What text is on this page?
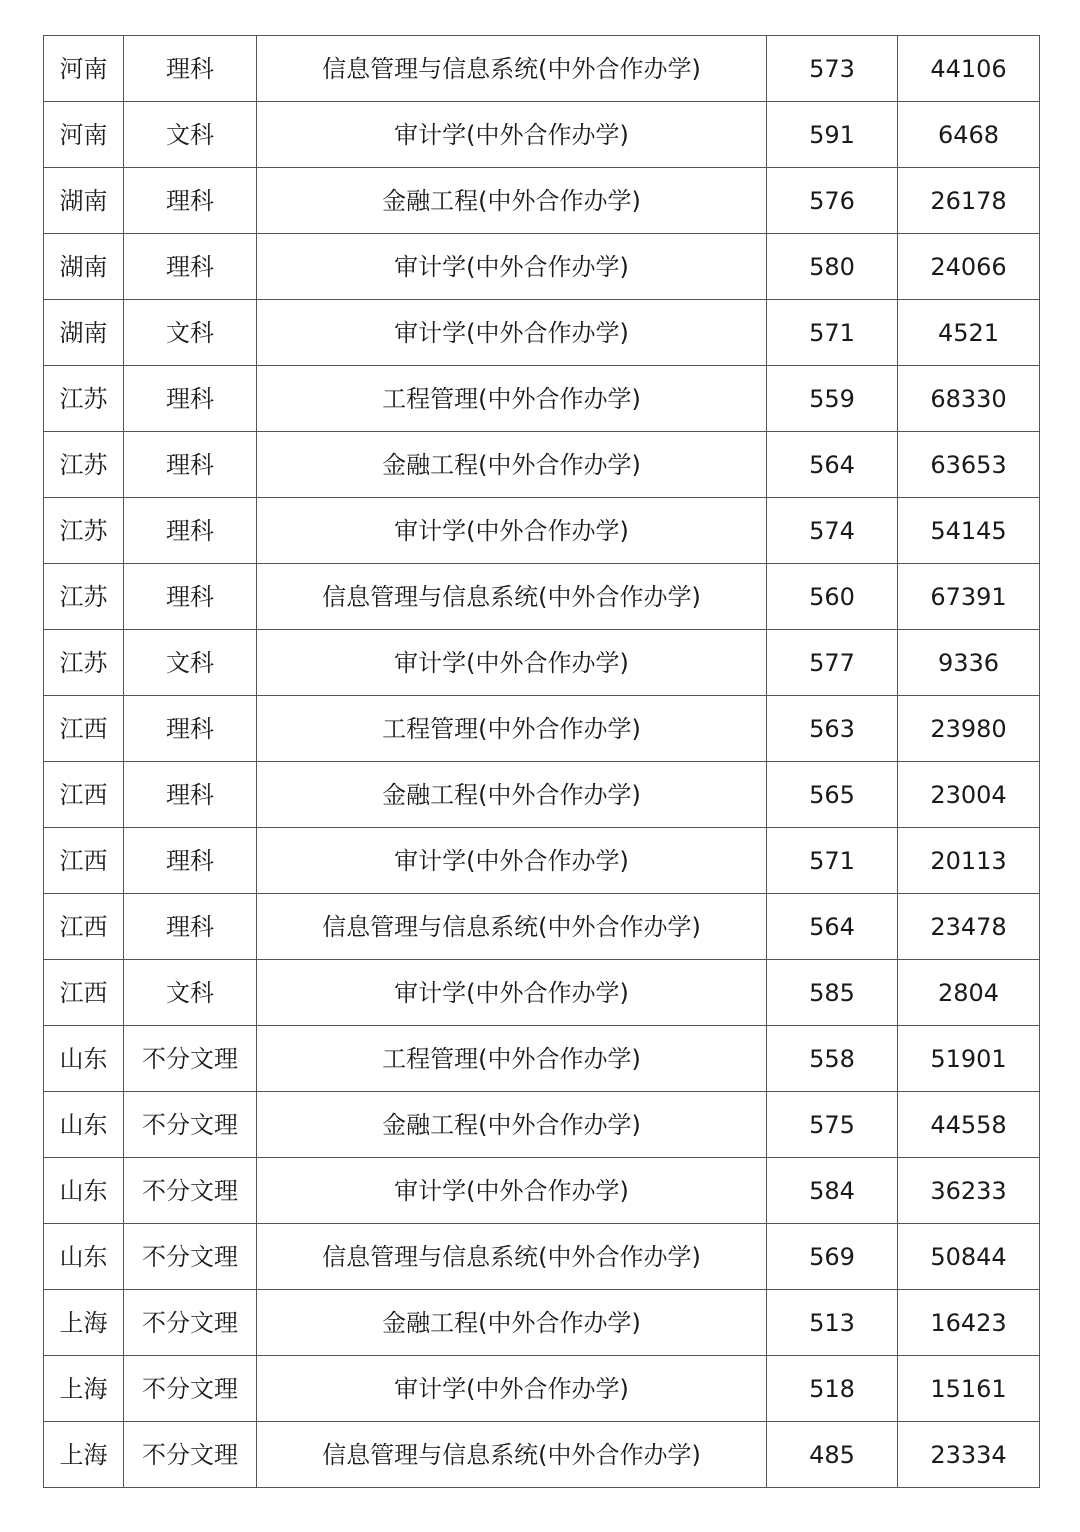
河南	理科	信息管理与信息系统(中外合作办学)	573	44106
河南	文科	审计学(中外合作办学)	591	6468
湖南	理科	金融工程(中外合作办学)	576	26178
湖南	理科	审计学(中外合作办学)	580	24066
湖南	文科	审计学(中外合作办学)	571	4521
江苏	理科	工程管理(中外合作办学)	559	68330
江苏	理科	金融工程(中外合作办学)	564	63653
江苏	理科	审计学(中外合作办学)	574	54145
江苏	理科	信息管理与信息系统(中外合作办学)	560	67391
江苏	文科	审计学(中外合作办学)	577	9336
江西	理科	工程管理(中外合作办学)	563	23980
江西	理科	金融工程(中外合作办学)	565	23004
江西	理科	审计学(中外合作办学)	571	20113
江西	理科	信息管理与信息系统(中外合作办学)	564	23478
江西	文科	审计学(中外合作办学)	585	2804
山东	不分文理	工程管理(中外合作办学)	558	51901
山东	不分文理	金融工程(中外合作办学)	575	44558
山东	不分文理	审计学(中外合作办学)	584	36233
山东	不分文理	信息管理与信息系统(中外合作办学)	569	50844
上海	不分文理	金融工程(中外合作办学)	513	16423
上海	不分文理	审计学(中外合作办学)	518	15161
上海	不分文理	信息管理与信息系统(中外合作办学)	485	23334
